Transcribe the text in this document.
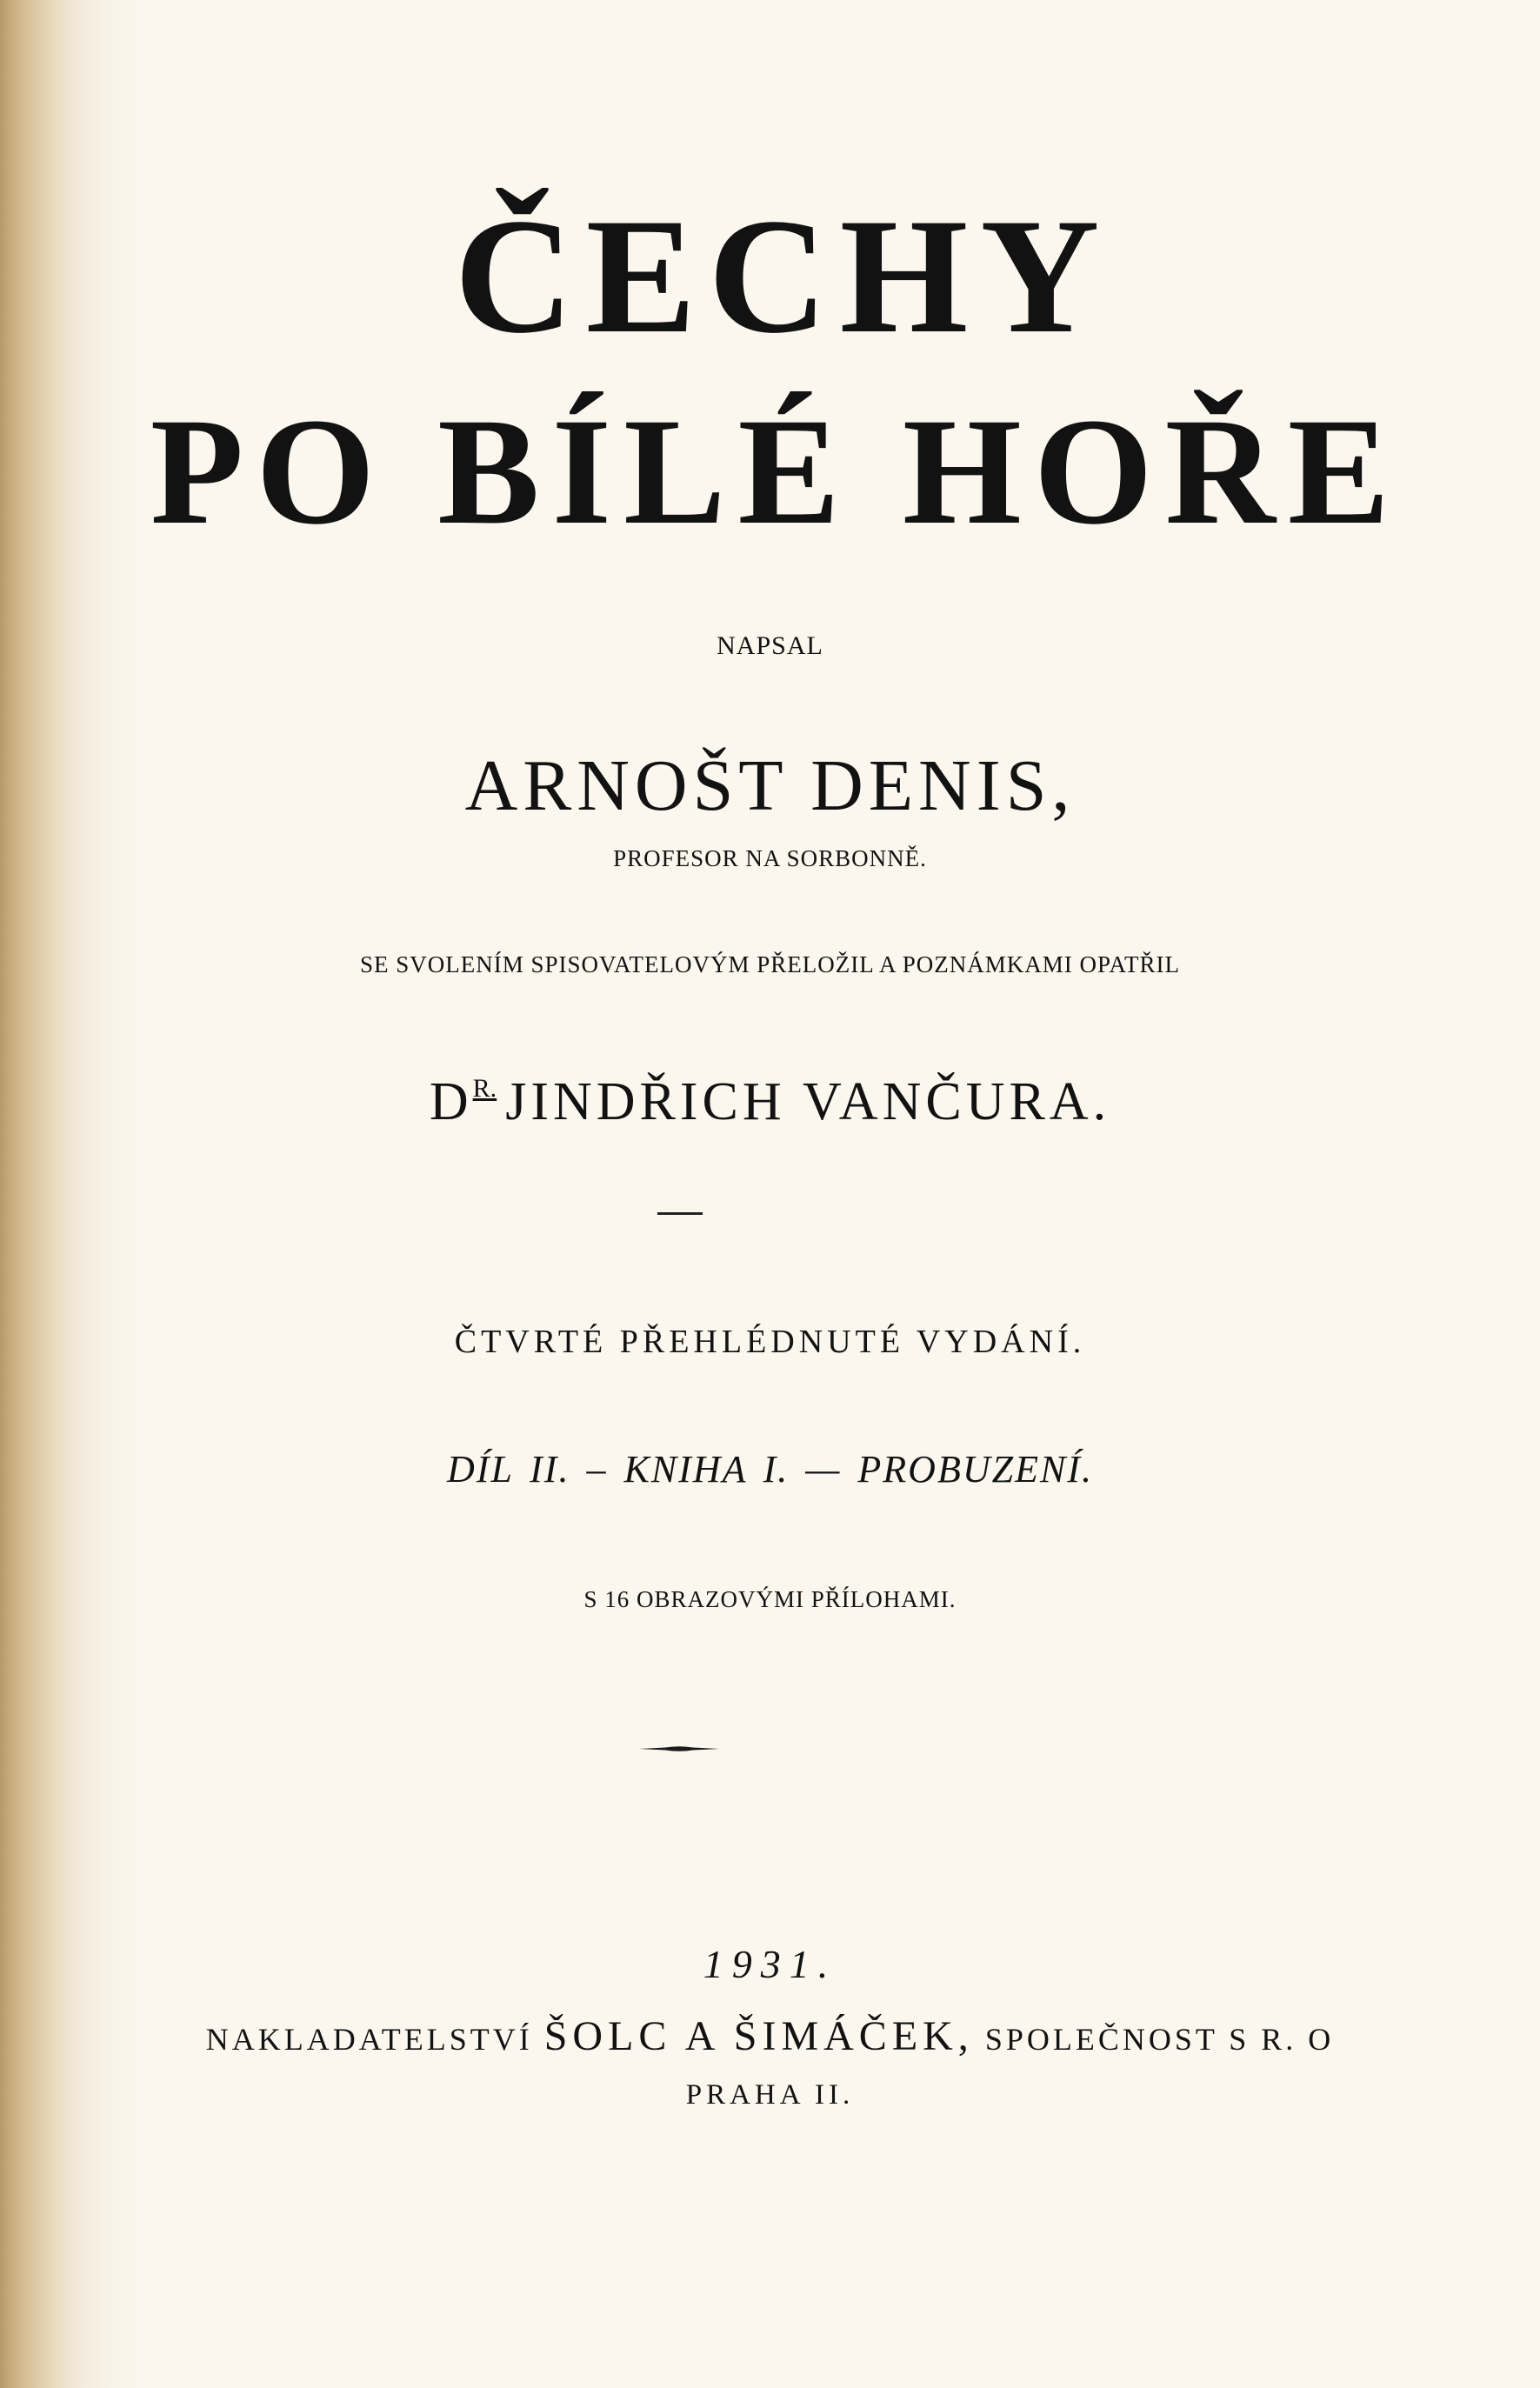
ČECHY
PO BÍLÉ HOŘE

NAPSAL

ARNOŠT DENIS,

PROFESOR NA SORBONNĚ.

SE SVOLENÍM SPISOVATELOVÝM PŘELOŽIL A POZNÁMKAMI OPATŘIL

$D^{R.}$ JINDŘICH VANČURA.

ČTVRTÉ PŘEHLÉDNUTÉ VYDÁNÍ.

DÍL II. – KNIHA I. — PROBUZENÍ.

S 16 OBRAZOVÝMI PŘÍLOHAMI.

1931.

NAKLADATELSTVÍ ŠOLC A ŠIMÁČEK, SPOLEČNOST S R. O

PRAHA II.
